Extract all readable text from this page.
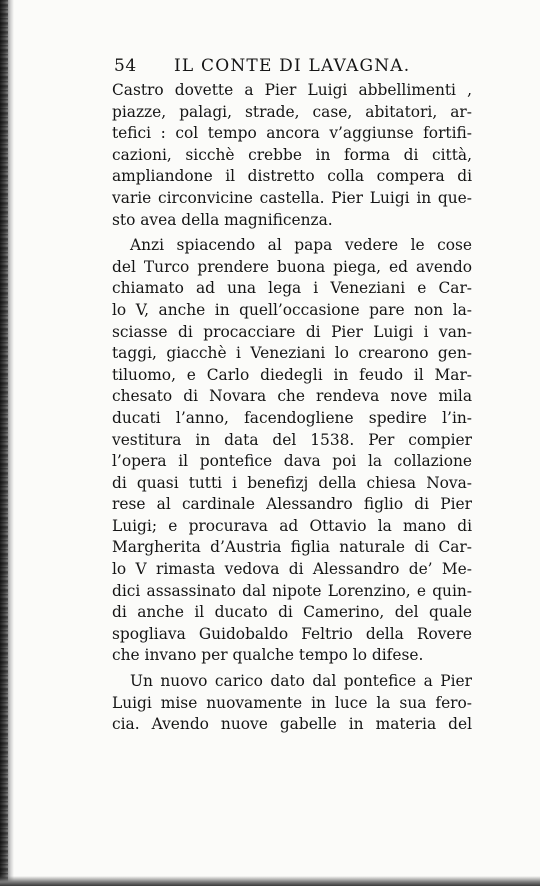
54 IL CONTE DI LAVAGNA.
Castro dovette a Pier Luigi abbellimenti ,
piazze, palagi, strade, case, abitatori, ar-
tefici : col tempo ancora v’aggiunse fortifi-
cazioni, sicchè crebbe in forma di città,
ampliandone il distretto colla compera di
varie circonvicine castella. Pier Luigi in que-
sto avea della magnificenza.
Anzi spiacendo al papa vedere le cose
del Turco prendere buona piega, ed avendo
chiamato ad una lega i Veneziani e Car-
lo V, anche in quell’occasione pare non la-
sciasse di procacciare di Pier Luigi i van-
taggi, giacchè i Veneziani lo crearono gen-
tiluomo, e Carlo diedegli in feudo il Mar-
chesato di Novara che rendeva nove mila
ducati l’anno, facendogliene spedire l’in-
vestitura in data del 1538. Per compier
l’opera il pontefice dava poi la collazione
di quasi tutti i benefizj della chiesa Nova-
rese al cardinale Alessandro figlio di Pier
Luigi; e procurava ad Ottavio la mano di
Margherita d’Austria figlia naturale di Car-
lo V rimasta vedova di Alessandro de’ Me-
dici assassinato dal nipote Lorenzino, e quin-
di anche il ducato di Camerino, del quale
spogliava Guidobaldo Feltrio della Rovere
che invano per qualche tempo lo difese.
Un nuovo carico dato dal pontefice a Pier
Luigi mise nuovamente in luce la sua fero-
cia. Avendo nuove gabelle in materia del
